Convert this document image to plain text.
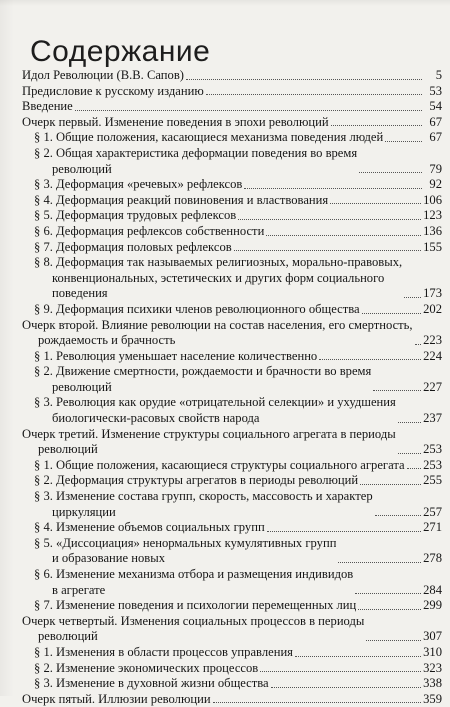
Содержание
Идол Революции (В.В. Сапов)	5
Предисловие к русскому изданию	53
Введение	54
Очерк первый. Изменение поведения в эпохи революций	67
§ 1. Общие положения, касающиеся механизма поведения людей	67
§ 2. Общая характеристика деформации поведения во время
революций	79
§ 3. Деформация «речевых» рефлексов	92
§ 4. Деформация реакций повиновения и властвования	106
§ 5. Деформация трудовых рефлексов	123
§ 6. Деформация рефлексов собственности	136
§ 7. Деформация половых рефлексов	155
§ 8. Деформация так называемых религиозных, морально-правовых,
конвенциональных, эстетических и других форм социального
поведения	173
§ 9. Деформация психики членов революционного общества	202
Очерк второй. Влияние революции на состав населения, его смертность,
рождаемость и брачность	223
§ 1. Революция уменьшает население количественно	224
§ 2. Движение смертности, рождаемости и брачности во время
революций	227
§ 3. Революция как орудие «отрицательной селекции» и ухудшения
биологически-расовых свойств народа	237
Очерк третий. Изменение структуры социального агрегата в периоды
революций	253
§ 1. Общие положения, касающиеся структуры социального агрегата 253
§ 2. Деформация структуры агрегатов в периоды революций	255
§ 3. Изменение состава групп, скорость, массовость и характер
циркуляции	257
§ 4. Изменение объемов социальных групп	271
§ 5. «Диссоциация» ненормальных кумулятивных групп
и образование новых	278
§ 6. Изменение механизма отбора и размещения индивидов
в агрегате	284
§ 7. Изменение поведения и психологии перемещенных лиц	299
Очерк четвертый. Изменения социальных процессов в периоды
революций	307
§ 1. Изменения в области процессов управления	310
§ 2. Изменение экономических процессов	323
§ 3. Изменение в духовной жизни общества	338
Очерк пятый. Иллюзии революции	359
